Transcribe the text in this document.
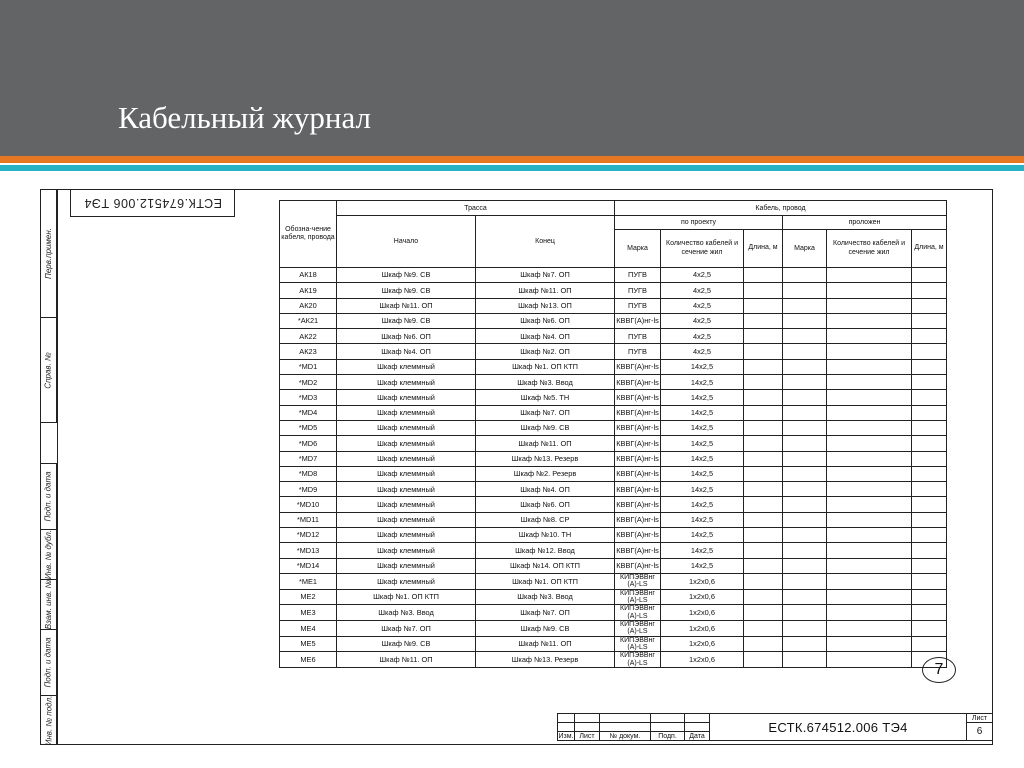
Кабельный журнал
ЕСТК.674512.006 ТЭ4
Перв.примен.
Справ. №
Подп. и дата
Инв. № дубл.
Взам. инв. №
Подп. и дата
Инв. № подл.
Обозна-чение кабеля, провода	Трасса		Кабель, провод					
	Начало	Конец	по проекту			проложен		
			Марка	Количество кабелей и сечение жил	Длина, м	Марка	Количество кабелей и сечение жил	Длина, м
АК18	Шкаф №9. СВ	Шкаф №7. ОП	ПУГВ	4х2,5				
АК19	Шкаф №9. СВ	Шкаф №11. ОП	ПУГВ	4х2,5				
АК20	Шкаф №11. ОП	Шкаф №13. ОП	ПУГВ	4х2,5				
*АК21	Шкаф №9. СВ	Шкаф №6. ОП	КВВГ(А)нг-ls	4х2,5				
АК22	Шкаф №6. ОП	Шкаф №4. ОП	ПУГВ	4х2,5				
АК23	Шкаф №4. ОП	Шкаф №2. ОП	ПУГВ	4х2,5				
*MD1	Шкаф клеммный	Шкаф №1. ОП КТП	КВВГ(А)нг-ls	14х2,5				
*MD2	Шкаф клеммный	Шкаф №3. Ввод	КВВГ(А)нг-ls	14х2,5				
*MD3	Шкаф клеммный	Шкаф №5. ТН	КВВГ(А)нг-ls	14х2,5				
*MD4	Шкаф клеммный	Шкаф №7. ОП	КВВГ(А)нг-ls	14х2,5				
*MD5	Шкаф клеммный	Шкаф №9. СВ	КВВГ(А)нг-ls	14х2,5				
*MD6	Шкаф клеммный	Шкаф №11. ОП	КВВГ(А)нг-ls	14х2,5				
*MD7	Шкаф клеммный	Шкаф №13. Резерв	КВВГ(А)нг-ls	14х2,5				
*MD8	Шкаф клеммный	Шкаф №2. Резерв	КВВГ(А)нг-ls	14х2,5				
*MD9	Шкаф клеммный	Шкаф №4. ОП	КВВГ(А)нг-ls	14х2,5				
*MD10	Шкаф клеммный	Шкаф №6. ОП	КВВГ(А)нг-ls	14х2,5				
*MD11	Шкаф клеммный	Шкаф №8. СР	КВВГ(А)нг-ls	14х2,5				
*MD12	Шкаф клеммный	Шкаф №10. ТН	КВВГ(А)нг-ls	14х2,5				
*MD13	Шкаф клеммный	Шкаф №12. Ввод	КВВГ(А)нг-ls	14х2,5				
*MD14	Шкаф клеммный	Шкаф №14. ОП КТП	КВВГ(А)нг-ls	14х2,5				
*ME1	Шкаф клеммный	Шкаф №1. ОП КТП	КИПЭВВнг (А)-LS	1х2х0,6				
ME2	Шкаф №1. ОП КТП	Шкаф №3. Ввод	КИПЭВВнг (А)-LS	1х2х0,6				
ME3	Шкаф №3. Ввод	Шкаф №7. ОП	КИПЭВВнг (А)-LS	1х2х0,6				
ME4	Шкаф №7. ОП	Шкаф №9. СВ	КИПЭВВнг (А)-LS	1х2х0,6				
ME5	Шкаф №9. СВ	Шкаф №11. ОП	КИПЭВВнг (А)-LS	1х2х0,6				
ME6	Шкаф №11. ОП	Шкаф №13. Резерв	КИПЭВВнг (А)-LS	1х2х0,6				
7
					ЕСТК.674512.006 ТЭ4	Лист
						6
Изм.	Лист	№ докум.	Подп.	Дата		
